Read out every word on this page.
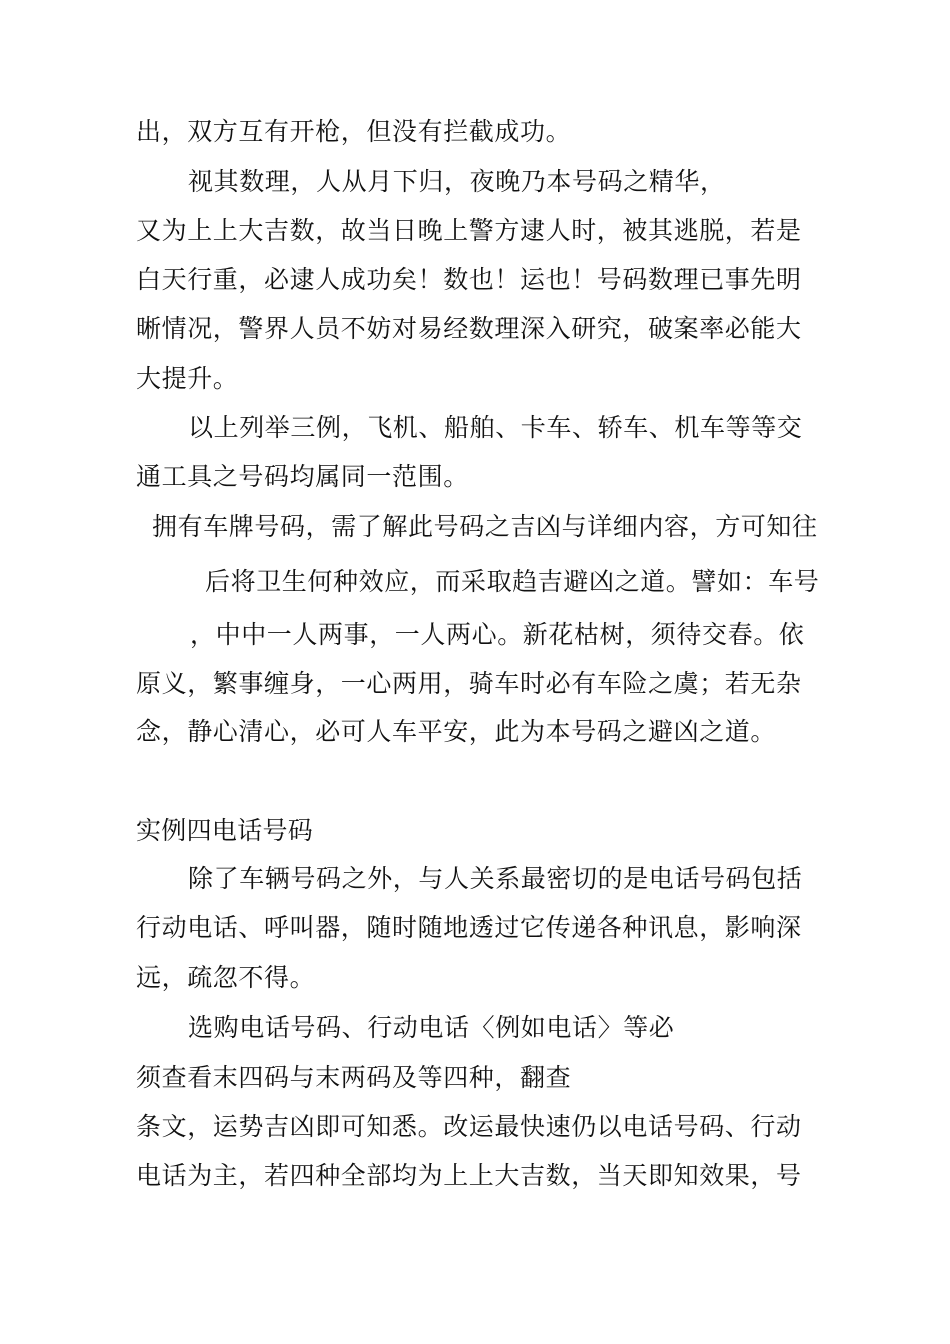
出，双方互有开枪，但没有拦截成功。
视其数理，人从月下归，夜晚乃本号码之精华，
又为上上大吉数，故当日晚上警方逮人时，被其逃脱，若是
白天行重，必逮人成功矣！数也！运也！号码数理已事先明
晰情况，警界人员不妨对易经数理深入研究，破案率必能大
大提升。
以上列举三例，飞机、船舶、卡车、轿车、机车等等交
通工具之号码均属同一范围。
拥有车牌号码，需了解此号码之吉凶与详细内容，方可知往
后将卫生何种效应，而采取趋吉避凶之道。譬如：车号
，中中一人两事，一人两心。新花枯树，须待交春。依
原义，繁事缠身，一心两用，骑车时必有车险之虞；若无杂
念，静心清心，必可人车平安，此为本号码之避凶之道。
实例四电话号码
除了车辆号码之外，与人关系最密切的是电话号码包括
行动电话、呼叫器，随时随地透过它传递各种讯息，影响深
远，疏忽不得。
选购电话号码、行动电话〈例如电话〉等必
须查看末四码与末两码及等四种，翻查
条文，运势吉凶即可知悉。改运最快速仍以电话号码、行动
电话为主，若四种全部均为上上大吉数，当天即知效果，号
